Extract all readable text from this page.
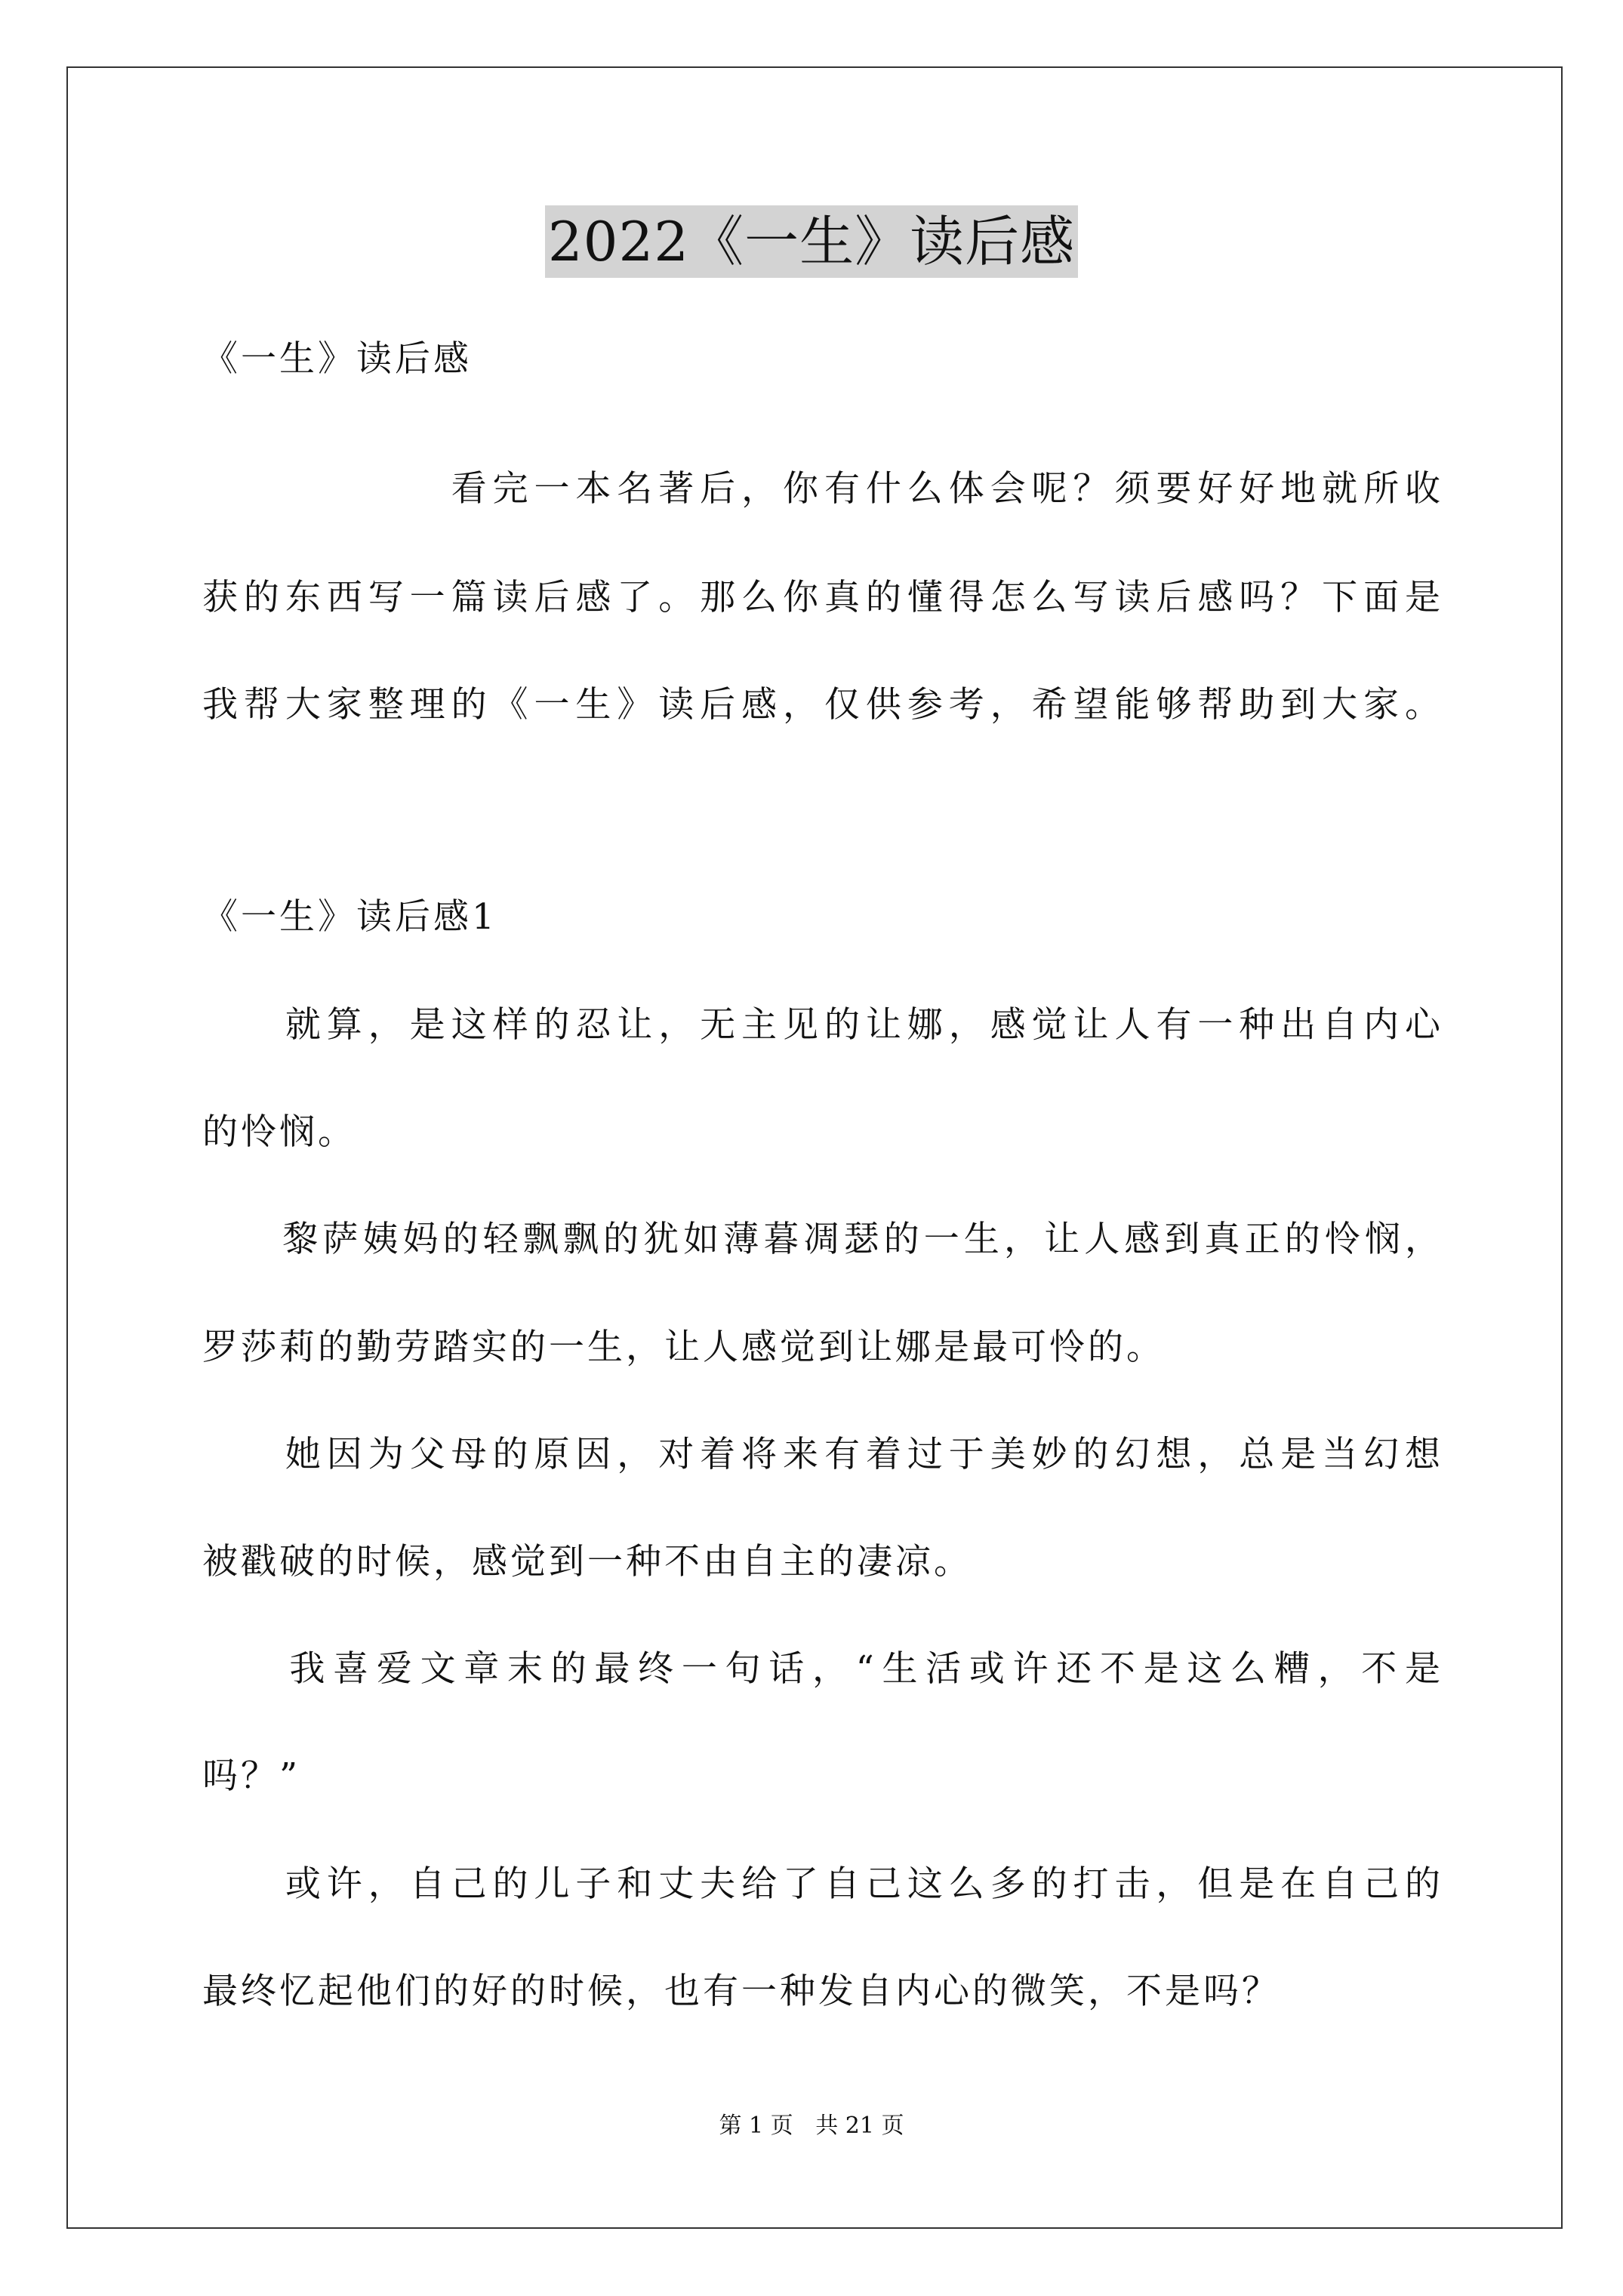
2022《一生》读后感
《一生》读后感
　　　　　　看完一本名著后，你有什么体会呢？须要好好地就所收
获的东西写一篇读后感了。那么你真的懂得怎么写读后感吗？下面是
我帮大家整理的《一生》读后感，仅供参考，希望能够帮助到大家。
《一生》读后感1
　　就算，是这样的忍让，无主见的让娜，感觉让人有一种出自内心
的怜悯。
　　黎萨姨妈的轻飘飘的犹如薄暮凋瑟的一生，让人感到真正的怜悯，
罗莎莉的勤劳踏实的一生，让人感觉到让娜是最可怜的。
　　她因为父母的原因，对着将来有着过于美妙的幻想，总是当幻想
被戳破的时候，感觉到一种不由自主的凄凉。
　　我喜爱文章末的最终一句话，“生活或许还不是这么糟，不是
吗？”
　　或许，自己的儿子和丈夫给了自己这么多的打击，但是在自己的
最终忆起他们的好的时候，也有一种发自内心的微笑，不是吗？
第 1 页 共 21 页
